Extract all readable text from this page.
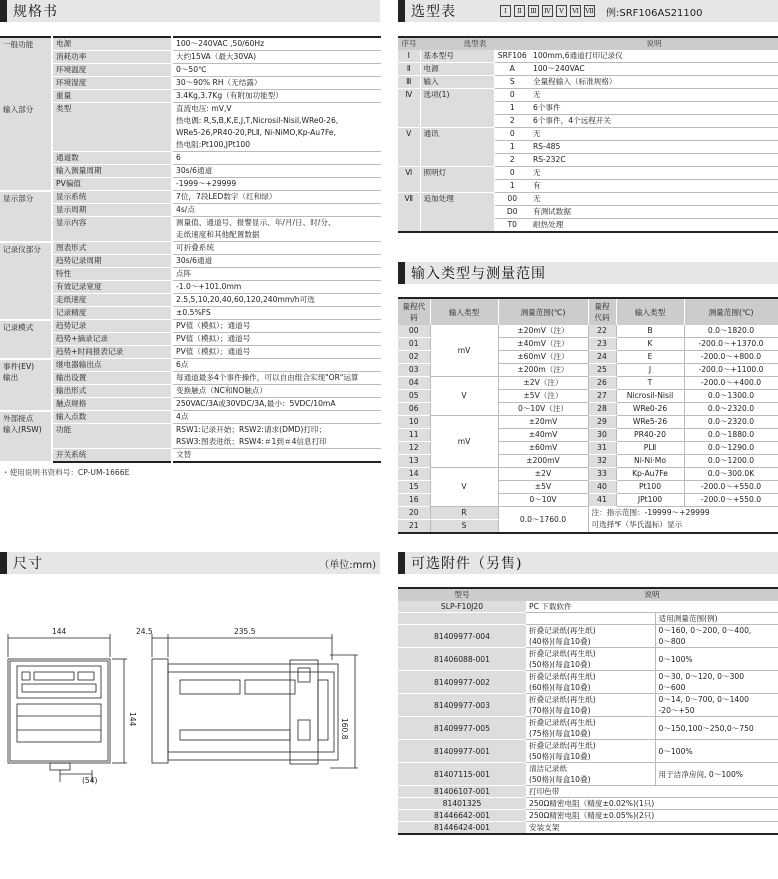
规格书
一般功能	电源	100～240VAC ,50/60Hz
	消耗功率	大约15VA（最大30VA)
	环境温度	0～50℃
	环境湿度	30～90% RH（无结露）
	重量	3.4Kg,3.7Kg（有附加功能型）
输入部分	类型	直流电压: mV,V
热电偶: R,S,B,K,E,J,T,Nicrosil-Nisil,WRe0-26,
WRe5-26,PR40-20,PLⅡ, Ni-NiMO,Kp-Au7Fe,
热电阻:Pt100,JPt100
	通道数	6
	输入测量周期	30s/6通道
	PV偏值	-1999～+29999
显示部分	显示系统	7位，7段LED数字（红和绿）
	显示周期	4s/点
	显示内容	测量值、通道号、报警显示、年/月/日、时/分、
走纸速度和其他配置数据
记录仪部分	图表形式	可折叠系统
	趋势记录周期	30s/6通道
	特性	点阵
	有效记录宽度	-1.0～+101.0mm
	走纸速度	2.5,5,10,20,40,60,120,240mm/h可选
	记录精度	±0.5%FS
记录模式	趋势记录	PV值（模拟）；通道号
	趋势+摘录记录	PV值（模拟）；通道号
	趋势+时间报表记录	PV值（模拟）；通道号
事件(EV)
输出	继电器输出点	6点
	输出设置	每通道最多4个事件操作，可以自由组合实现"OR"运算
	输出形式	变换触点（NC和NO触点）
	触点规格	250VAC/3A或30VDC/3A,最小：5VDC/10mA
外部接点
输入(RSW)	输入点数	4点
	功能	RSW1:记录开始；RSW2:请求(DMD)打印；
RSW3:图表进纸；RSW4:＃1到＃4信息打印
	开关系统	文替
・使用说明书资料号：CP-UM-1666E
选型表	Ⅰ	Ⅱ	Ⅲ	Ⅳ	Ⅴ	Ⅵ	Ⅶ 例:SRF106AS21100
序号	选型表		说明
Ⅰ	基本型号	SRF106	100mm,6通道打印记录仪
Ⅱ	电源	A	100～240VAC
Ⅲ	输入	S	全量程输入（标准规格）
Ⅳ	选项(1)	0	无
		1	6个事件
		2	6个事件，4个远程开关
Ⅴ	通讯	0	无
		1	RS-485
		2	RS-232C
Ⅵ	照明灯	0	无
		1	有
Ⅶ	追加处理	00	无
		D0	有测试数据
		T0	耐热处理
输入类型与测量范围
量程代码	输入类型	测量范围(℃)	量程代码	输入类型	测量范围(℃)
00	mV	±20mV（注）	22	B	0.0～1820.0
01		±40mV（注）	23	K	-200.0～+1370.0
02		±60mV（注）	24	E	-200.0～+800.0
03		±200m（注）	25	J	-200.0～+1100.0
04	V	±2V（注）	26	T	-200.0～+400.0
05		±5V（注）	27	Nicrosil-Nisil	0.0～1300.0
06		0～10V（注）	28	WRe0-26	0.0～2320.0
10	mV	±20mV	29	WRe5-26	0.0～2320.0
11		±40mV	30	PR40-20	0.0～1880.0
12		±60mV	31	PLⅡ	0.0～1290.0
13		±200mV	32	Ni-Ni·Mo	0.0～1200.0
14	V	±2V	33	Kp-Au7Fe	0.0～300.0K
15		±5V	40	Pt100	-200.0～+550.0
16		0～10V	41	JPt100	-200.0～+550.0
20	R	0.0～1760.0	注：指示范围：-19999～+29999
可选择℉（华氏温标）显示		
21	S				
尺寸	（单位:mm)
144	24.5	235.5
144	160.8
(54)
可选附件（另售)
型号	说明	
SLP-F10J20	PC 下载软件	
		适用测量范围(例)
81409977-004	折叠记录纸(再生纸)
(40格)(每盒10叠)	0～160, 0～200, 0～400,
0～800
81406088-001	折叠记录纸(再生纸)
(50格)(每盒10叠)	0～100%
81409977-002	折叠记录纸(再生纸)
(60格)(每盒10叠)	0～30, 0～120, 0～300
0～600
81409977-003	折叠记录纸(再生纸)
(70格)(每盒10叠)	0～14, 0～700, 0～1400
-20～+50
81409977-005	折叠记录纸(再生纸)
(75格)(每盒10叠)	0～150,100～250,0～750
81409977-001	折叠记录纸(再生纸)
(50格)(每盒10叠)	0～100%
81407115-001	清洁记录纸
(50格)(每盒10叠)	用于洁净房间, 0～100%
81406107-001	打印色带	
81401325	250Ω精密电阻（精度±0.02%)(1只)	
81446642-001	250Ω精密电阻（精度±0.05%)(2只)	
81446424-001	安装支架	
